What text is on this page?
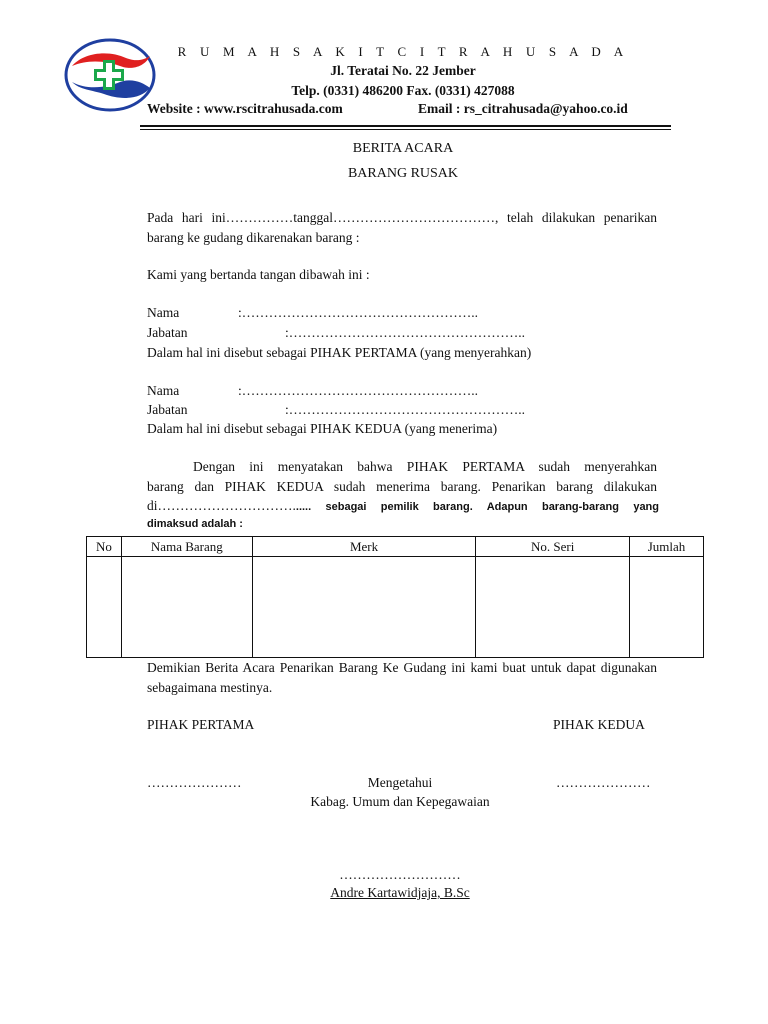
R U M A H S A K I T C I T R A H U S A D A
Jl. Teratai No. 22 Jember
Telp. (0331) 486200 Fax. (0331) 427088
Website : www.rscitrahusada.com	Email : rs_citrahusada@yahoo.co.id
BERITA ACARA
BARANG RUSAK
Pada hari ini……………tanggal………………………………, telah dilakukan penarikan barang ke gudang dikarenakan barang :
Kami yang bertanda tangan dibawah ini :
Nama	:……………………………………………..
Jabatan	:……………………………………………..
Dalam hal ini disebut sebagai PIHAK PERTAMA (yang menyerahkan)
Nama	:……………………………………………..
Jabatan	:……………………………………………..
Dalam hal ini disebut sebagai PIHAK KEDUA (yang menerima)
Dengan ini menyatakan bahwa PIHAK PERTAMA sudah menyerahkan
barang dan PIHAK KEDUA sudah menerima barang. Penarikan barang dilakukan
di…………………………. ..... sebagai pemilik barang. Adapun barang-barang yang
dimaksud adalah :
No	Nama Barang	Merk	No. Seri	Jumlah

Demikian Berita Acara Penarikan Barang Ke Gudang ini kami buat untuk dapat digunakan sebagaimana mestinya.
PIHAK PERTAMA	PIHAK KEDUA
…………………	Mengetahui	…………………
Kabag. Umum dan Kepegawaian
………………………
Andre Kartawidjaja, B.Sc
